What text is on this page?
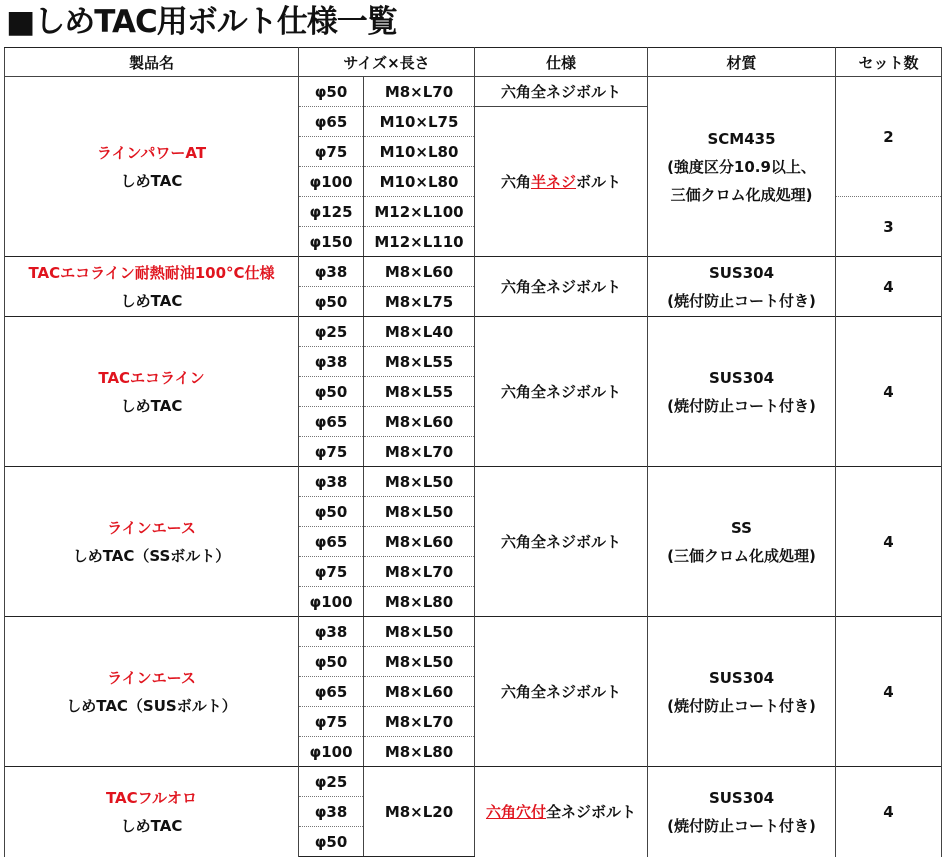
■しめTAC用ボルト仕様一覧
製品名	サイズ×長さ		仕様	材質	セット数

ラインパワーAT
しめTAC	φ50	M8×L70	六角全ネジボルト	SCM435
(強度区分10.9以上、
三価クロム化成処理)	2
	φ65	M10×L75	六角半ネジボルト		
	φ75	M10×L80			
	φ100	M10×L80			
	φ125	M12×L100			3
	φ150	M12×L110			

TACエコライン耐熱耐油100°C仕様
しめTAC	φ38	M8×L60	六角全ネジボルト	SUS304
(焼付防止コート付き)	4
	φ50	M8×L75			

TACエコライン
しめTAC	φ25	M8×L40	六角全ネジボルト	SUS304
(焼付防止コート付き)	4
	φ38	M8×L55			
	φ50	M8×L55			
	φ65	M8×L60			
	φ75	M8×L70			

ラインエース
しめTAC（SSボルト）	φ38	M8×L50	六角全ネジボルト	SS
(三価クロム化成処理)	4
	φ50	M8×L50			
	φ65	M8×L60			
	φ75	M8×L70			
	φ100	M8×L80			

ラインエース
しめTAC（SUSボルト）	φ38	M8×L50	六角全ネジボルト	SUS304
(焼付防止コート付き)	4
	φ50	M8×L50			
	φ65	M8×L60			
	φ75	M8×L70			
	φ100	M8×L80			

TACフルオロ
しめTAC	φ25	M8×L20	六角穴付全ネジボルト	SUS304
(焼付防止コート付き)	4
	φ38				
	φ50				
